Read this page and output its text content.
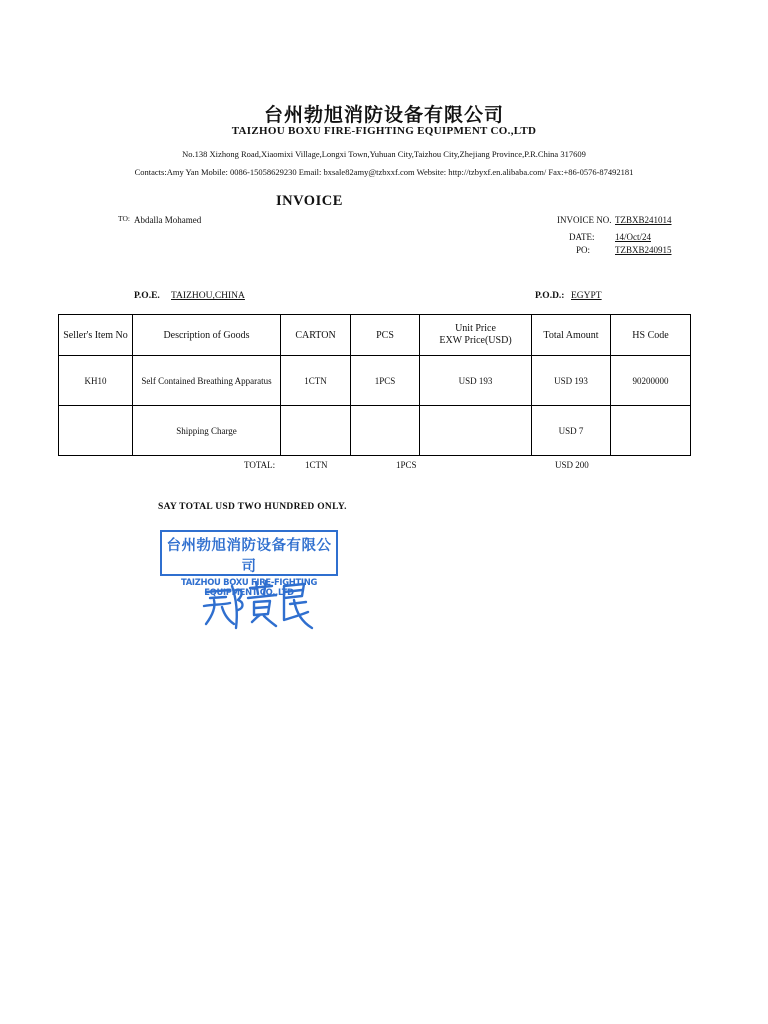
台州勃旭消防设备有限公司
TAIZHOU BOXU FIRE-FIGHTING EQUIPMENT CO.,LTD
No.138 Xizhong Road,Xiaomixi Village,Longxi Town,Yuhuan City,Taizhou City,Zhejiang Province,P.R.China 317609
Contacts:Amy Yan Mobile: 0086-15058629230 Email: bxsale82amy@tzbxxf.com Website: http://tzbyxf.en.alibaba.com/ Fax:+86-0576-87492181
INVOICE
TO: Abdalla Mohamed	INVOICE NO. TZBXB241014
DATE: 14/Oct/24
PO:	TZBXB240915
P.O.E. TAIZHOU,CHINA	P.O.D.: EGYPT
Seller's Item No	Description of Goods	CARTON	PCS	Unit Price
EXW Price(USD)	Total Amount	HS Code
KH10	Self Contained Breathing Apparatus	1CTN	1PCS	USD 193	USD 193	90200000
	Shipping Charge				USD 7	
TOTAL:	1CTN	1PCS	USD 200
SAY TOTAL USD TWO HUNDRED ONLY.
台州勃旭消防设备有限公司
TAIZHOU BOXU FIRE-FIGHTING EQUIPMENT CO.,LTD
